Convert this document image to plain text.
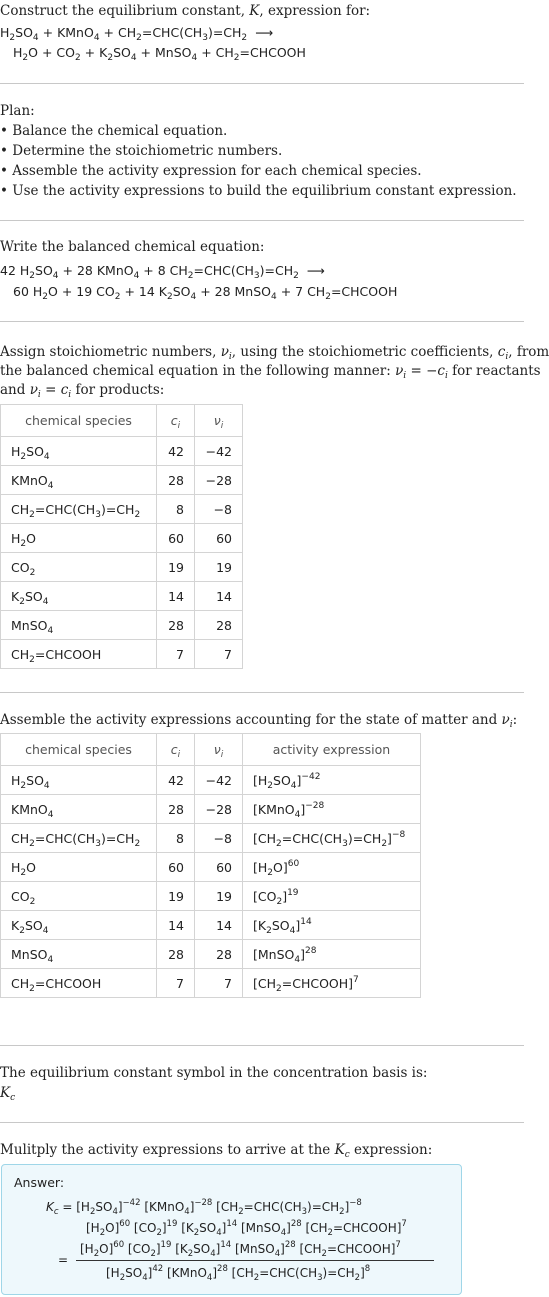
Construct the equilibrium constant, K, expression for:
$H_2SO_4$ + KMnO$_4$ + $CH_2=CHC(CH_3)=CH_2$  ⟶
$H_2O + CO_2 + K_2SO_4$ + MnSO$_4$ + $CH_2=CHCOOH$
Plan:
• Balance the chemical equation.
• Determine the stoichiometric numbers.
• Assemble the activity expression for each chemical species.
• Use the activity expressions to build the equilibrium constant expression.
Write the balanced chemical equation:
42 $H_2SO_4 + 28$ KMnO$_4$ + 8 $CH_2=CHC(CH_3)=CH_2$  ⟶
60 $H_2O + 19$ $CO_2 + 14$ $K_2SO_4 + 28$ MnSO$_4$ + 7 $CH_2=CHCOOH$
Assign stoichiometric numbers, $\nu_i$, using the stoichiometric coefficients, $c_i$, from
the balanced chemical equation in the following manner: $\nu_i = -c_i$ for reactants
and $\nu_i = c_i$ for products:
chemical species	$c_i$	$\nu_i$
$H_2SO_4$	42	−42
KMnO$_4$	28	−28
$CH_2=CHC(CH_3)=CH_2$	8	−8
$H_2O$	60	60
$CO_2$	19	19
$K_2SO_4$	14	14
MnSO$_4$	28	28
$CH_2=CHCOOH$	7	7
Assemble the activity expressions accounting for the state of matter and $\nu_i$:
chemical species	$c_i$	$\nu_i$	activity expression
$H_2SO_4$	42	−42	$[H_2SO_4]^{-42}$
KMnO$_4$	28	−28	[KMnO$_4$]$^{-28}$
$CH_2=CHC(CH_3)=CH_2$	8	−8	$[CH_2=CHC(CH_3)=CH_2]^{-8}$
$H_2O$	60	60	$[H_2O]^{60}$
$CO_2$	19	19	$[CO_2]^{19}$
$K_2SO_4$	14	14	$[K_2SO_4]^{14}$
MnSO$_4$	28	28	[MnSO$_4$]$^{28}$
$CH_2=CHCOOH$	7	7	$[CH_2=CHCOOH]^7$
The equilibrium constant symbol in the concentration basis is:
$K_c$
Mulitply the activity expressions to arrive at the $K_c$ expression:
Answer:
$K_c = [H_2SO_4]^{-42}$ [KMnO$_4$]$^{-28}$ $[CH_2=CHC(CH_3)=CH_2]^{-8}$
$[H_2O]^{60}$ $[CO_2]^{19}$ $[K_2SO_4]^{14}$ [MnSO$_4$]$^{28}$ $[CH_2=CHCOOH]^7$
=
$[H_2O]^{60}$ $[CO_2]^{19}$ $[K_2SO_4]^{14}$ [MnSO$_4$]$^{28}$ $[CH_2=CHCOOH]^7$
$[H_2SO_4]^{42}$ [KMnO$_4$]$^{28}$ $[CH_2=CHC(CH_3)=CH_2]^8$
